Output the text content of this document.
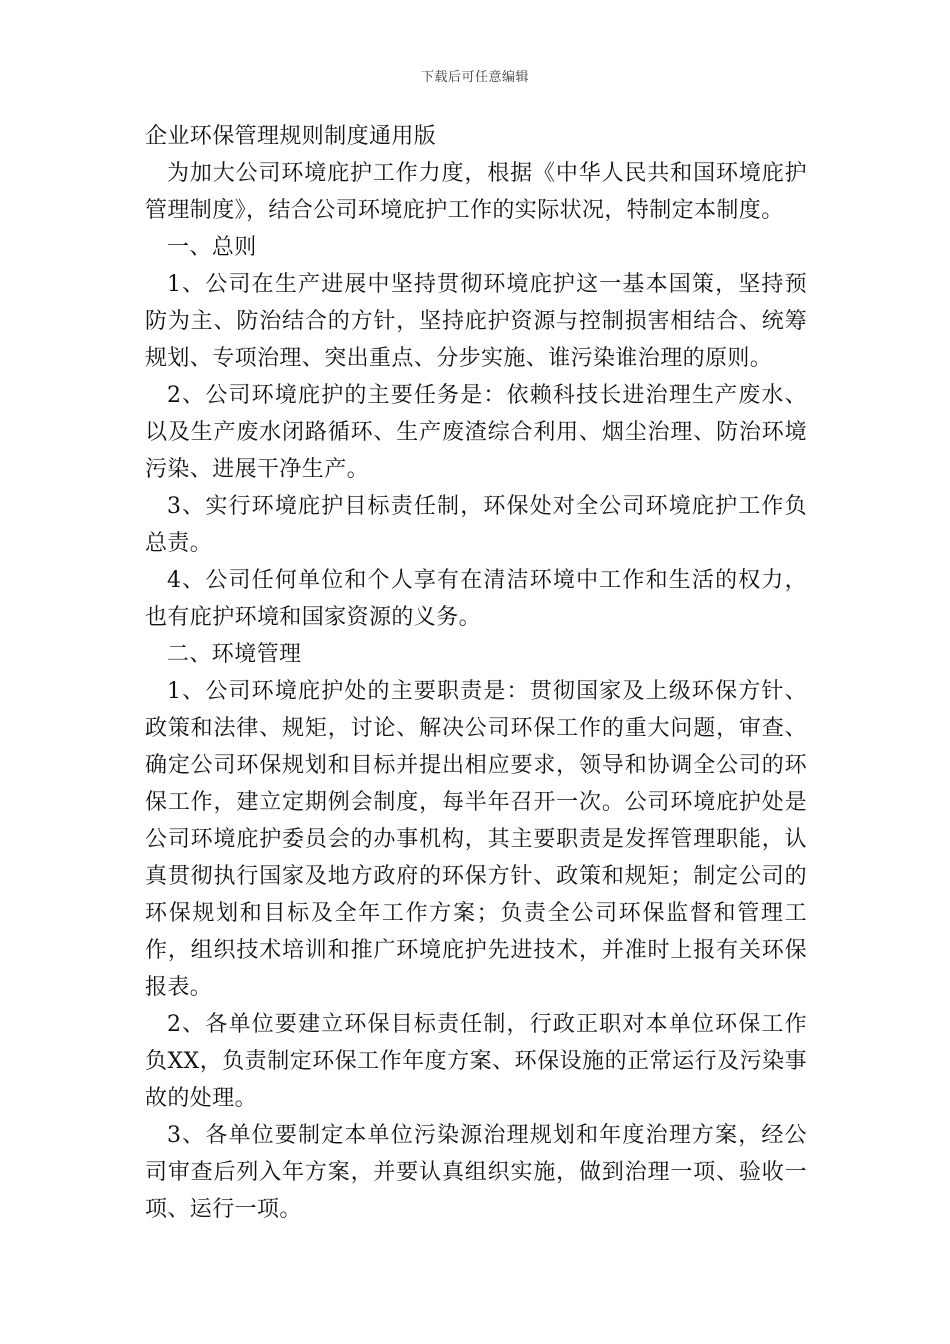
下载后可任意编辑

企业环保管理规则制度通用版

为加大公司环境庇护工作力度，根据《中华人民共和国环境庇护管理制度》，结合公司环境庇护工作的实际状况，特制定本制度。

一、总则

1、公司在生产进展中坚持贯彻环境庇护这一基本国策，坚持预防为主、防治结合的方针，坚持庇护资源与控制损害相结合、统筹规划、专项治理、突出重点、分步实施、谁污染谁治理的原则。

2、公司环境庇护的主要任务是：依赖科技长进治理生产废水、以及生产废水闭路循环、生产废渣综合利用、烟尘治理、防治环境污染、进展干净生产。

3、实行环境庇护目标责任制，环保处对全公司环境庇护工作负总责。

4、公司任何单位和个人享有在清洁环境中工作和生活的权力，也有庇护环境和国家资源的义务。

二、环境管理

1、公司环境庇护处的主要职责是：贯彻国家及上级环保方针、政策和法律、规矩，讨论、解决公司环保工作的重大问题，审查、确定公司环保规划和目标并提出相应要求，领导和协调全公司的环保工作，建立定期例会制度，每半年召开一次。公司环境庇护处是公司环境庇护委员会的办事机构，其主要职责是发挥管理职能，认真贯彻执行国家及地方政府的环保方针、政策和规矩；制定公司的环保规划和目标及全年工作方案；负责全公司环保监督和管理工作，组织技术培训和推广环境庇护先进技术，并准时上报有关环保报表。

2、各单位要建立环保目标责任制，行政正职对本单位环保工作负XX，负责制定环保工作年度方案、环保设施的正常运行及污染事故的处理。

3、各单位要制定本单位污染源治理规划和年度治理方案，经公司审查后列入年方案，并要认真组织实施，做到治理一项、验收一项、运行一项。
